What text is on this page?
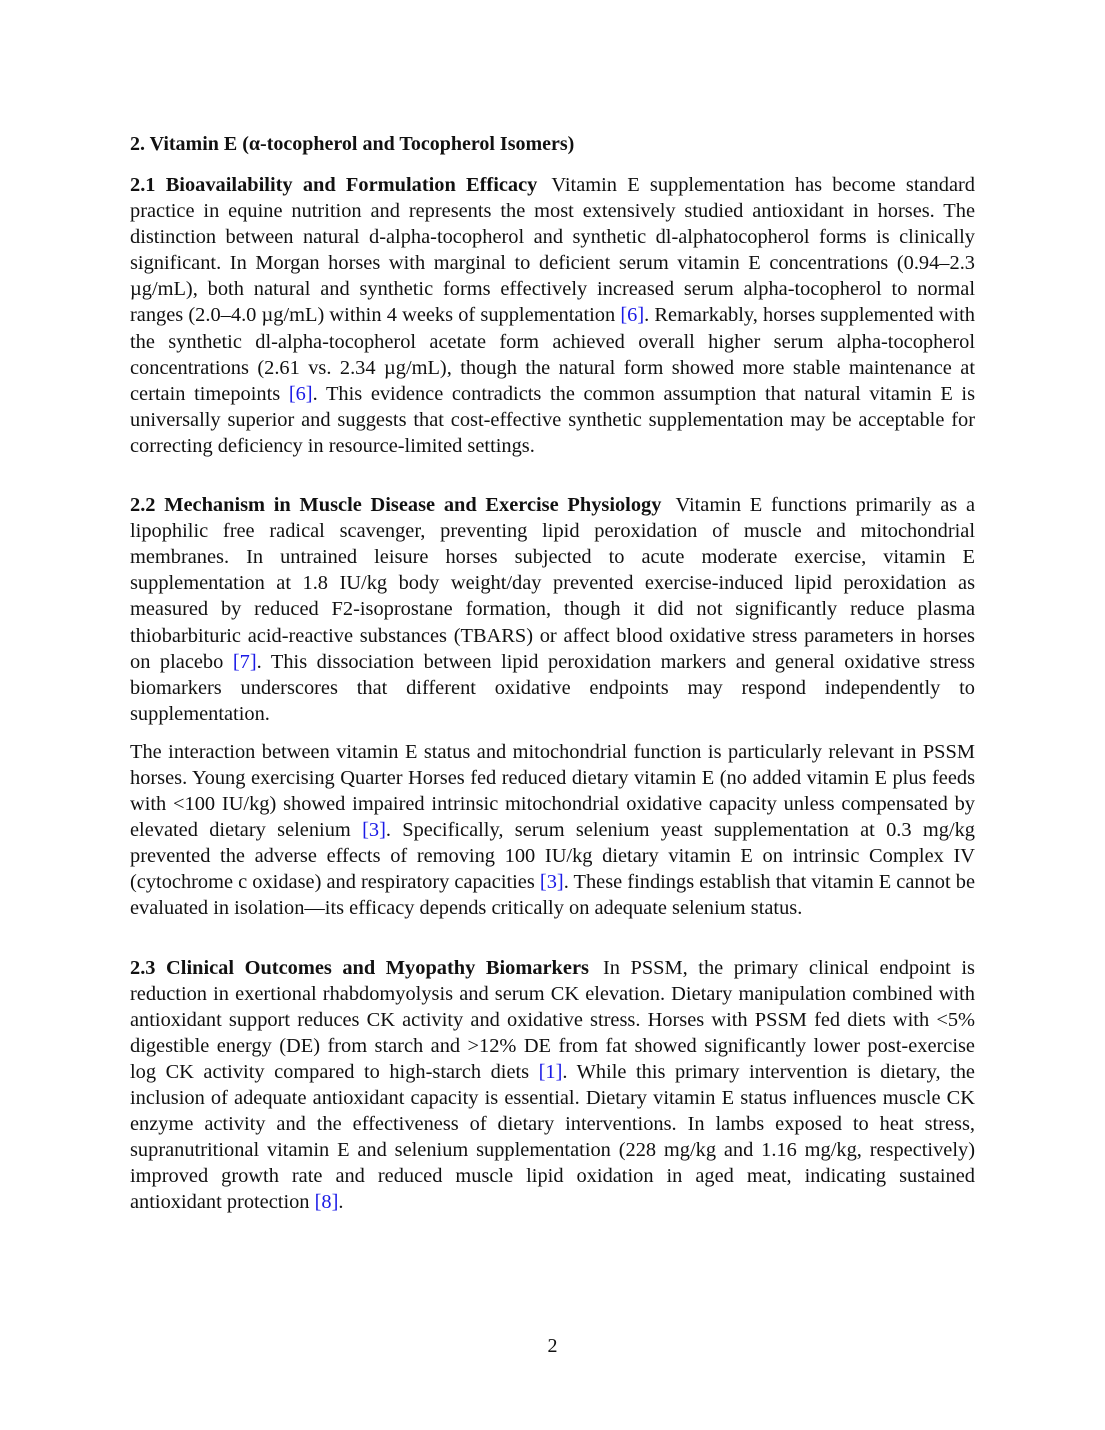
2. Vitamin E (α-tocopherol and Tocopherol Isomers)

2.1 Bioavailability and Formulation Efficacy Vitamin E supplementation has become standard practice in equine nutrition and represents the most extensively studied antioxidant in horses. The distinction between natural d-alpha-tocopherol and synthetic dl-alphatocopherol forms is clinically significant. In Morgan horses with marginal to deficient serum vitamin E concentrations (0.94–2.3 µg/mL), both natural and synthetic forms effectively increased serum alpha-tocopherol to normal ranges (2.0–4.0 µg/mL) within 4 weeks of supplementation [6]. Remarkably, horses supplemented with the synthetic dl-alpha-tocopherol acetate form achieved overall higher serum alpha-tocopherol concentrations (2.61 vs. 2.34 µg/mL), though the natural form showed more stable maintenance at certain timepoints [6]. This evidence contradicts the common assumption that natural vitamin E is universally superior and suggests that cost-effective synthetic supplementation may be acceptable for correcting deficiency in resource-limited settings.

2.2 Mechanism in Muscle Disease and Exercise Physiology Vitamin E functions primarily as a lipophilic free radical scavenger, preventing lipid peroxidation of muscle and mitochondrial membranes. In untrained leisure horses subjected to acute moderate exercise, vitamin E supplementation at 1.8 IU/kg body weight/day prevented exercise-induced lipid peroxidation as measured by reduced F2-isoprostane formation, though it did not significantly reduce plasma thiobarbituric acid-reactive substances (TBARS) or affect blood oxidative stress parameters in horses on placebo [7]. This dissociation between lipid peroxidation markers and general oxidative stress biomarkers underscores that different oxidative endpoints may respond independently to supplementation.

The interaction between vitamin E status and mitochondrial function is particularly relevant in PSSM horses. Young exercising Quarter Horses fed reduced dietary vitamin E (no added vitamin E plus feeds with <100 IU/kg) showed impaired intrinsic mitochondrial oxidative capacity unless compensated by elevated dietary selenium [3]. Specifically, serum selenium yeast supplementation at 0.3 mg/kg prevented the adverse effects of removing 100 IU/kg dietary vitamin E on intrinsic Complex IV (cytochrome c oxidase) and respiratory capacities [3]. These findings establish that vitamin E cannot be evaluated in isolation—its efficacy depends critically on adequate selenium status.

2.3 Clinical Outcomes and Myopathy Biomarkers In PSSM, the primary clinical endpoint is reduction in exertional rhabdomyolysis and serum CK elevation. Dietary manipulation combined with antioxidant support reduces CK activity and oxidative stress. Horses with PSSM fed diets with <5% digestible energy (DE) from starch and >12% DE from fat showed significantly lower post-exercise log CK activity compared to high-starch diets [1]. While this primary intervention is dietary, the inclusion of adequate antioxidant capacity is essential. Dietary vitamin E status influences muscle CK enzyme activity and the effectiveness of dietary interventions. In lambs exposed to heat stress, supranutritional vitamin E and selenium supplementation (228 mg/kg and 1.16 mg/kg, respectively) improved growth rate and reduced muscle lipid oxidation in aged meat, indicating sustained antioxidant protection [8].

2
